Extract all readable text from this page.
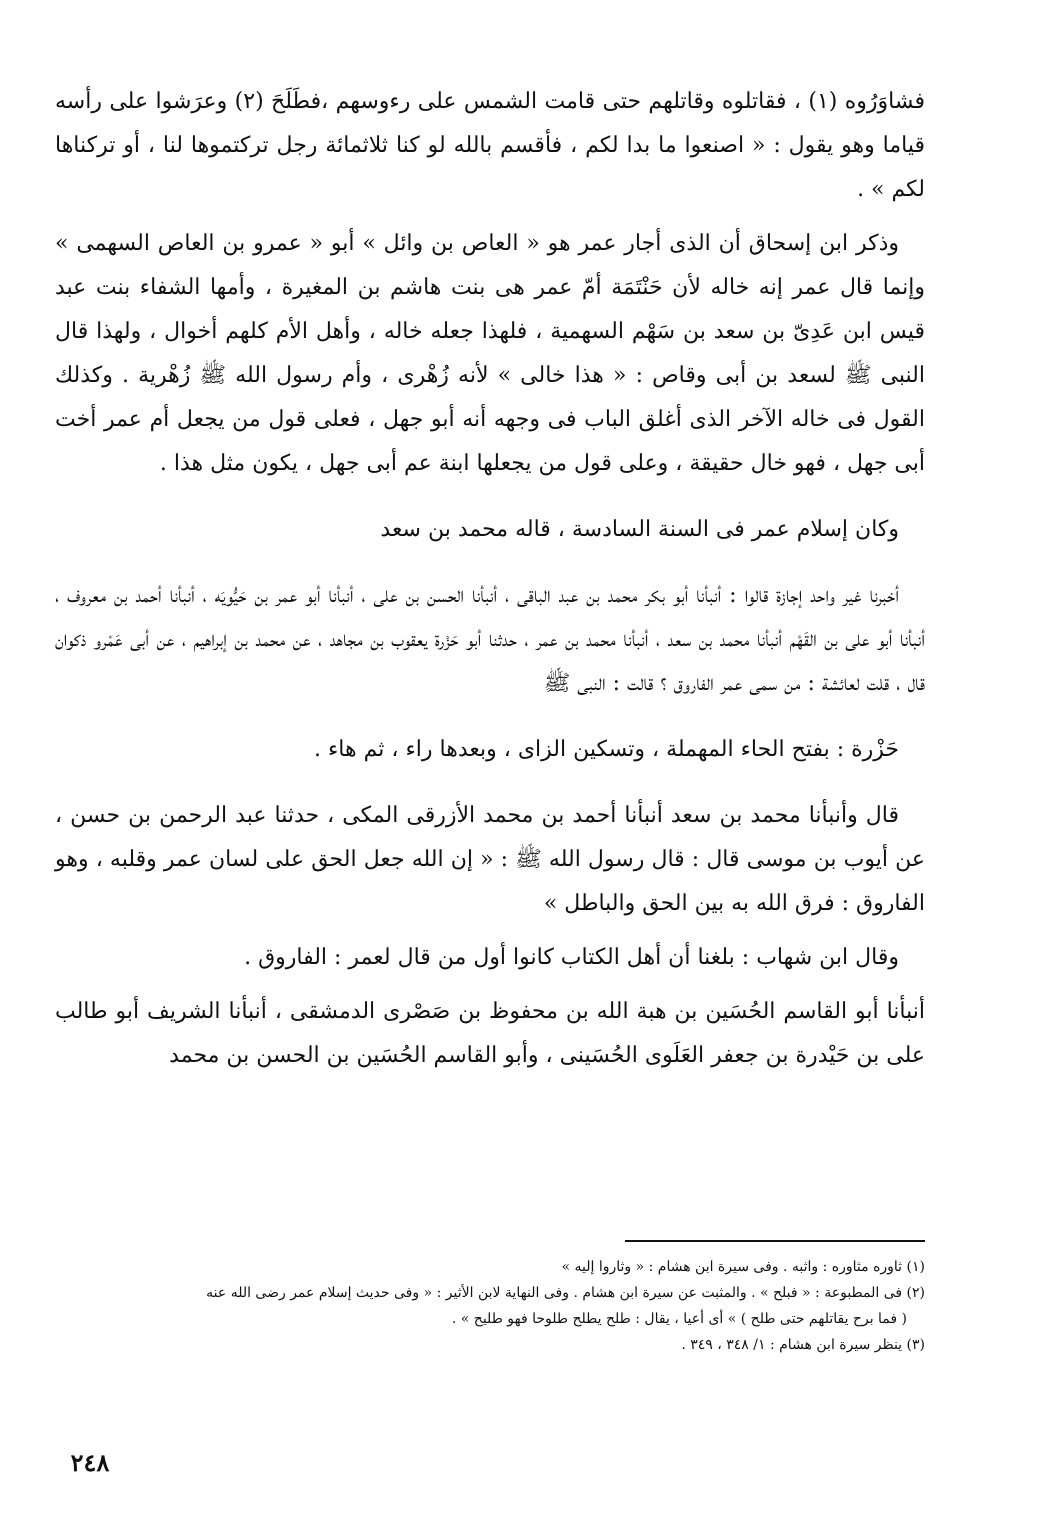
فشاوَرُوه (١) ، فقاتلوه وقاتلهم حتى قامت الشمس على رءوسهم ،فطَلَحَ (٢) وعرَشوا على رأسه قياما وهو يقول : « اصنعوا ما بدا لكم ، فأقسم بالله لو كنا ثلاثمائة رجل تركتموها لنا ، أو تركناها لكم » .

وذكر ابن إسحاق أن الذى أجار عمر هو « العاص بن وائل » أبو « عمرو بن العاص السهمى » وإنما قال عمر إنه خاله لأن حَنْتَمَة أمّ عمر هى بنت هاشم بن المغيرة ، وأمها الشفاء بنت عبد قيس ابن عَدِىّ بن سعد بن سَهْم السهمية ، فلهذا جعله خاله ، وأهل الأم كلهم أخوال ، ولهذا قال النبى ﷺ لسعد بن أبى وقاص : « هذا خالى » لأنه زُهْرى ، وأم رسول الله ﷺ زُهْرية . وكذلك القول فى خاله الآخر الذى أغلق الباب فى وجهه أنه أبو جهل ، فعلى قول من يجعل أم عمر أخت أبى جهل ، فهو خال حقيقة ، وعلى قول من يجعلها ابنة عم أبى جهل ، يكون مثل هذا .

وكان إسلام عمر فى السنة السادسة ، قاله محمد بن سعد

أخبرنا غير واحد إجازة قالوا : أنبأنا أبو بكر محمد بن عبد الباقى ، أنبأنا الحسن بن على ، أنبأنا أبو عمر بن حَيُّويَه ، أنبأنا أحمد بن معروف ، أنبأنا أبو على بن القَهْم أنبأنا محمد بن سعد ، أنبأنا محمد بن عمر ، حدثنا أبو حَزْرة يعقوب بن مجاهد ، عن محمد بن إبراهيم ، عن أبى عَمْرو ذكوان قال ، قلت لعائشة : من سمى عمر الفاروق ؟ قالت : النبى ﷺ

حَزْرة : بفتح الحاء المهملة ، وتسكين الزاى ، وبعدها راء ، ثم هاء .

قال وأنبأنا محمد بن سعد أنبأنا أحمد بن محمد الأزرقى المكى ، حدثنا عبد الرحمن بن حسن ، عن أيوب بن موسى قال : قال رسول الله ﷺ : « إن الله جعل الحق على لسان عمر وقلبه ، وهو الفاروق : فرق الله به بين الحق والباطل »

وقال ابن شهاب : بلغنا أن أهل الكتاب كانوا أول من قال لعمر : الفاروق .

أنبأنا أبو القاسم الحُسَين بن هبة الله بن محفوظ بن صَصْرى الدمشقى ، أنبأنا الشريف أبو طالب على بن حَيْدرة بن جعفر العَلَوى الحُسَينى ، وأبو القاسم الحُسَين بن الحسن بن محمد

(١) ثاوره مثاوره : واثبه . وفى سيرة ابن هشام : « وثاروا إليه »

(٢) فى المطبوعة : « فبلح » . والمثبت عن سيرة ابن هشام . وفى النهاية لابن الأثير : « وفى حديث إسلام عمر رضى الله عنه

( فما برح يقاتلهم حتى طلح ) » أى أعيا ، يقال : طلح يطلح طلوحا فهو طليح » .

(٣) ينظر سيرة ابن هشام : ١/ ٣٤٨ ، ٣٤٩ .

٢٤٨
